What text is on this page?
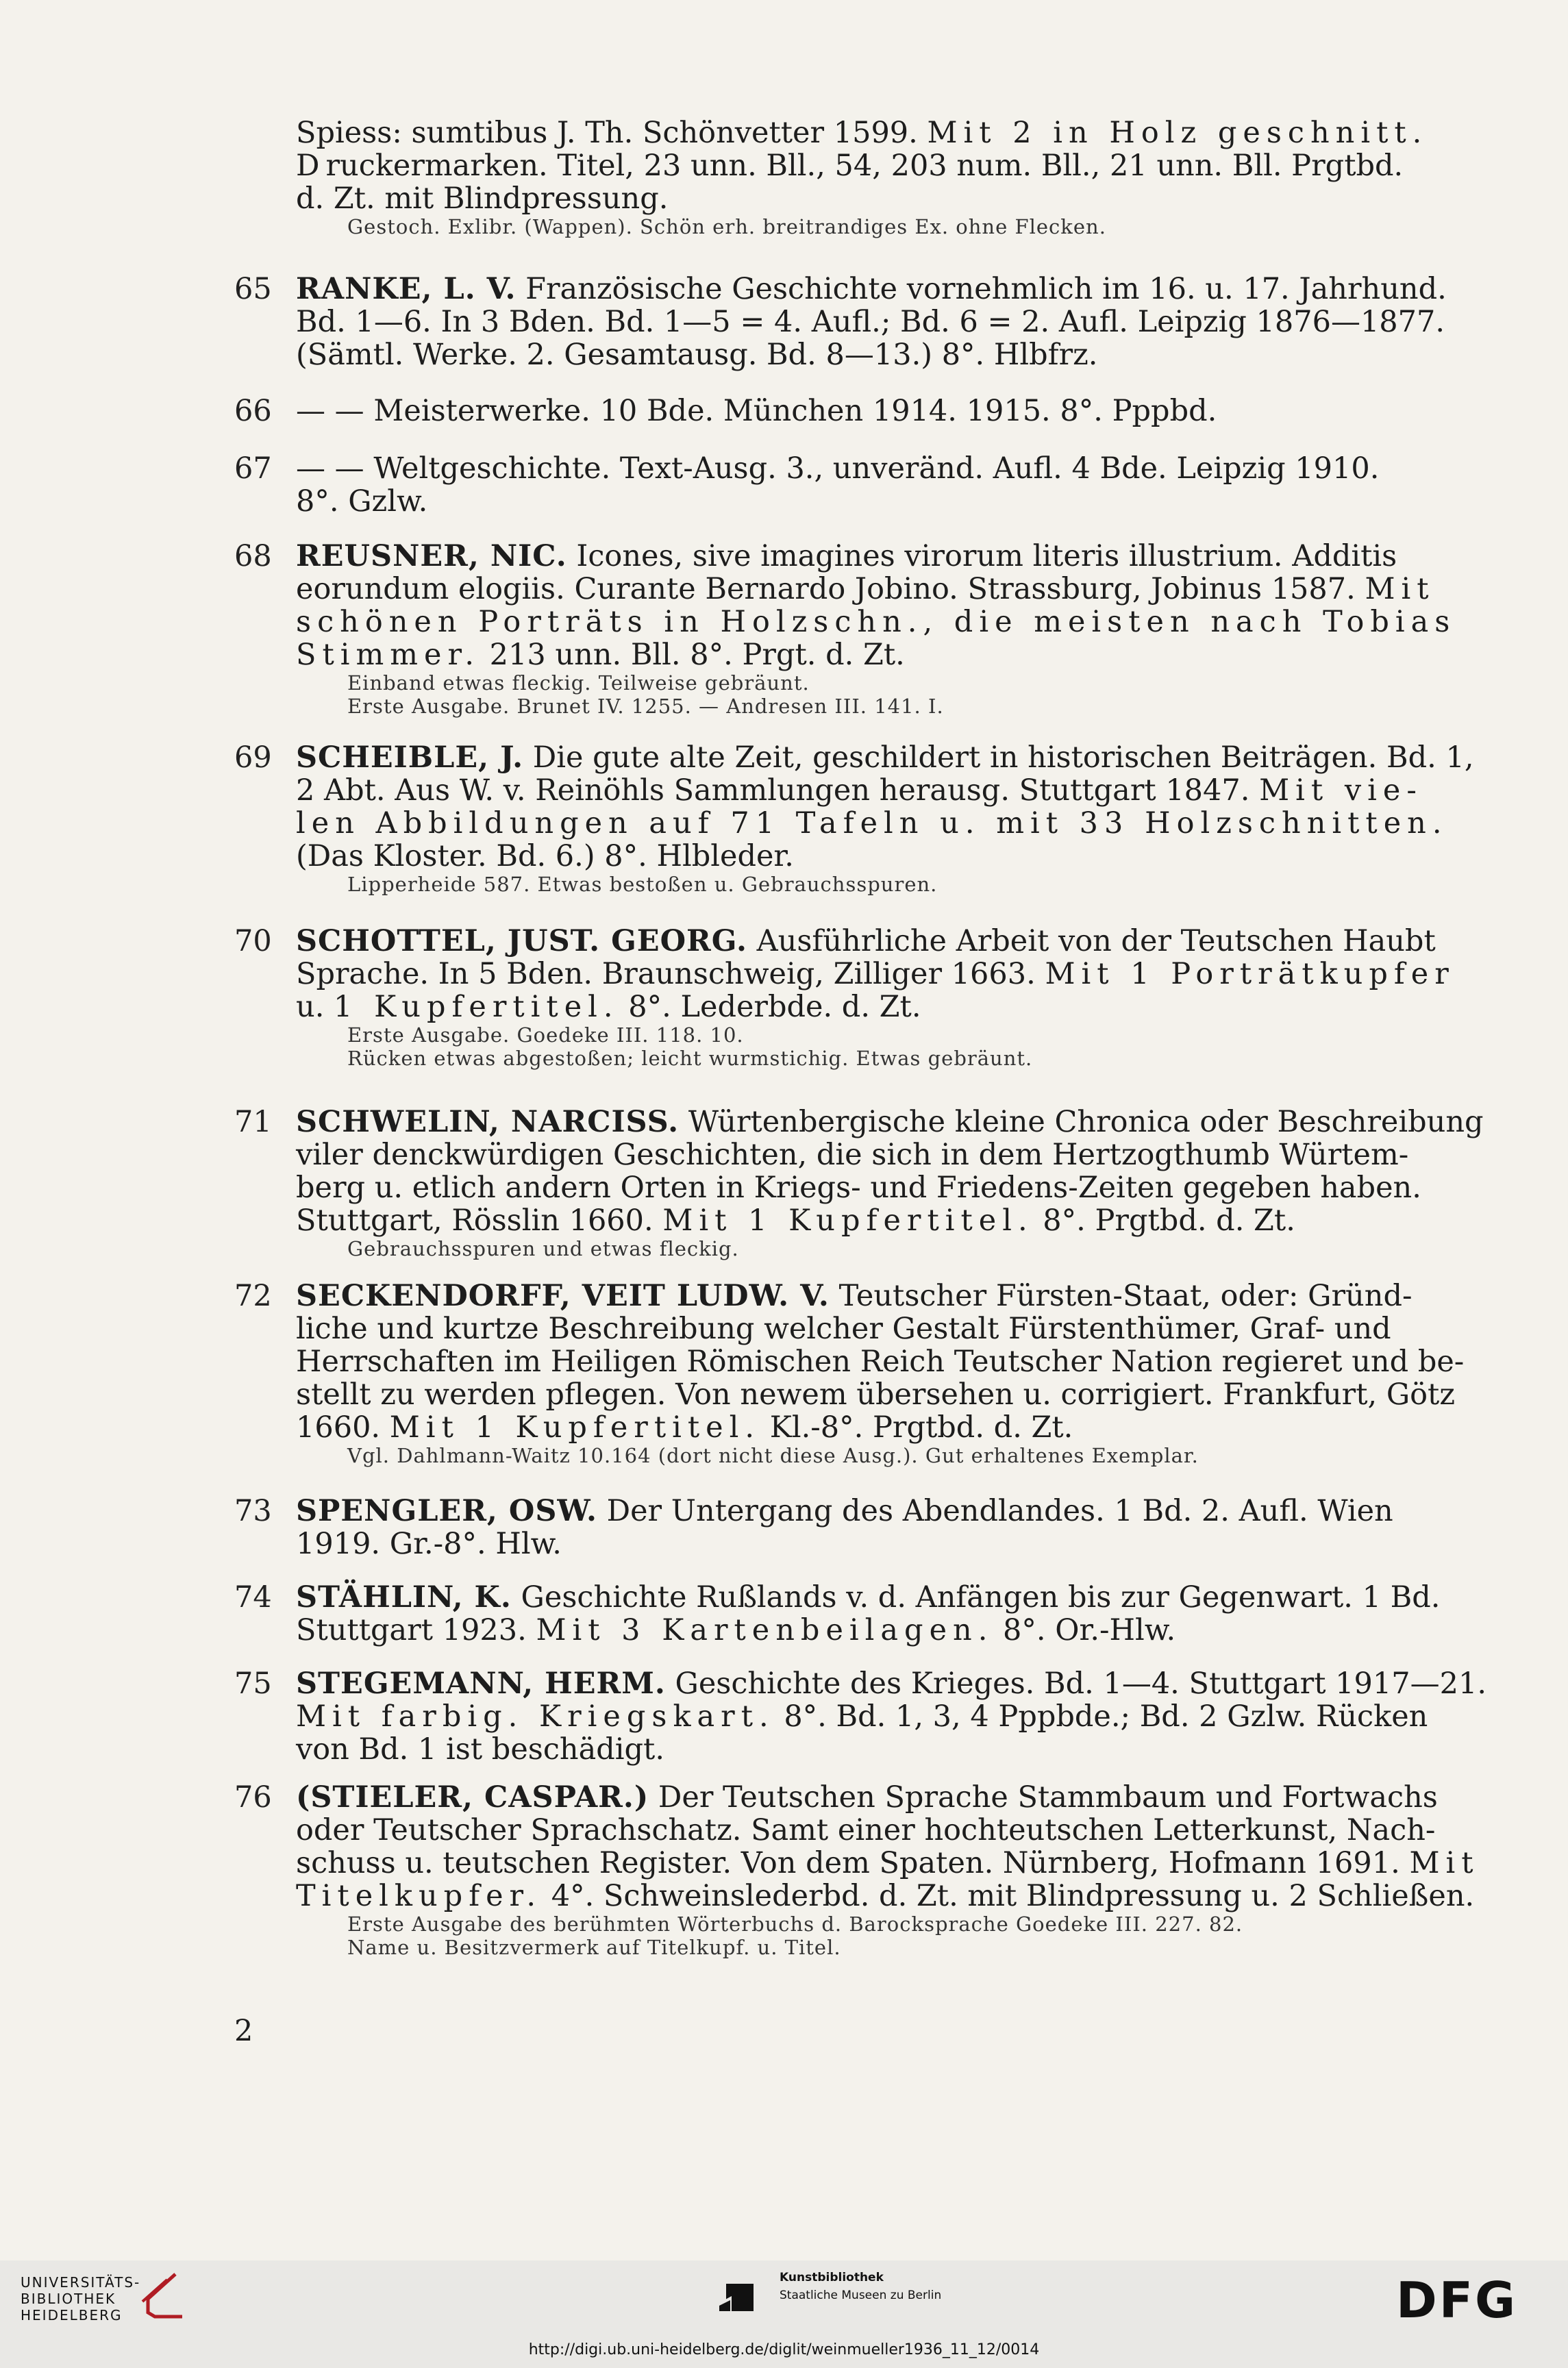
Spiess: sumtibus J. Th. Schönvetter 1599. Mit 2 in Holz geschnitt.
Druckermarken. Titel, 23 unn. Bll., 54, 203 num. Bll., 21 unn. Bll. Prgtbd.
d. Zt. mit Blindpressung.
Gestoch. Exlibr. (Wappen). Schön erh. breitrandiges Ex. ohne Flecken.
65 RANKE, L. V. Französische Geschichte vornehmlich im 16. u. 17. Jahrhund.
Bd. 1—6. In 3 Bden. Bd. 1—5 = 4. Aufl.; Bd. 6 = 2. Aufl. Leipzig 1876—1877.
(Sämtl. Werke. 2. Gesamtausg. Bd. 8—13.) 8°. Hlbfrz.
66 — — Meisterwerke. 10 Bde. München 1914. 1915. 8°. Pppbd.
67 — — Weltgeschichte. Text-Ausg. 3., unveränd. Aufl. 4 Bde. Leipzig 1910.
8°. Gzlw.
68 REUSNER, NIC. Icones, sive imagines virorum literis illustrium. Additis
eorundum elogiis. Curante Bernardo Jobino. Strassburg, Jobinus 1587. Mit
schönen Porträts in Holzschn., die meisten nach Tobias
Stimmer. 213 unn. Bll. 8°. Prgt. d. Zt.
Einband etwas fleckig. Teilweise gebräunt.
Erste Ausgabe. Brunet IV. 1255. — Andresen III. 141. I.
69 SCHEIBLE, J. Die gute alte Zeit, geschildert in historischen Beiträgen. Bd. 1,
2 Abt. Aus W. v. Reinöhls Sammlungen herausg. Stuttgart 1847. Mit vie-
len Abbildungen auf 71 Tafeln u. mit 33 Holzschnitten.
(Das Kloster. Bd. 6.) 8°. Hlbleder.
Lipperheide 587. Etwas bestoßen u. Gebrauchsspuren.
70 SCHOTTEL, JUST. GEORG. Ausführliche Arbeit von der Teutschen Haubt
Sprache. In 5 Bden. Braunschweig, Zilliger 1663. Mit 1 Porträtkupfer
u. 1 Kupfertitel. 8°. Lederbde. d. Zt.
Erste Ausgabe. Goedeke III. 118. 10.
Rücken etwas abgestoßen; leicht wurmstichig. Etwas gebräunt.
71 SCHWELIN, NARCISS. Würtenbergische kleine Chronica oder Beschreibung
viler denckwürdigen Geschichten, die sich in dem Hertzogthumb Würtem-
berg u. etlich andern Orten in Kriegs- und Friedens-Zeiten gegeben haben.
Stuttgart, Rösslin 1660. Mit 1 Kupfertitel. 8°. Prgtbd. d. Zt.
Gebrauchsspuren und etwas fleckig.
72 SECKENDORFF, VEIT LUDW. V. Teutscher Fürsten-Staat, oder: Gründ-
liche und kurtze Beschreibung welcher Gestalt Fürstenthümer, Graf- und
Herrschaften im Heiligen Römischen Reich Teutscher Nation regieret und be-
stellt zu werden pflegen. Von newem übersehen u. corrigiert. Frankfurt, Götz
1660. Mit 1 Kupfertitel. Kl.-8°. Prgtbd. d. Zt.
Vgl. Dahlmann-Waitz 10.164 (dort nicht diese Ausg.). Gut erhaltenes Exemplar.
73 SPENGLER, OSW. Der Untergang des Abendlandes. 1 Bd. 2. Aufl. Wien
1919. Gr.-8°. Hlw.
74 STÄHLIN, K. Geschichte Rußlands v. d. Anfängen bis zur Gegenwart. 1 Bd.
Stuttgart 1923. Mit 3 Kartenbeilagen. 8°. Or.-Hlw.
75 STEGEMANN, HERM. Geschichte des Krieges. Bd. 1—4. Stuttgart 1917—21.
Mit farbig. Kriegskart. 8°. Bd. 1, 3, 4 Pppbde.; Bd. 2 Gzlw. Rücken
von Bd. 1 ist beschädigt.
76 (STIELER, CASPAR.) Der Teutschen Sprache Stammbaum und Fortwachs
oder Teutscher Sprachschatz. Samt einer hochteutschen Letterkunst, Nach-
schuss u. teutschen Register. Von dem Spaten. Nürnberg, Hofmann 1691. Mit
Titelkupfer. 4°. Schweinslederbd. d. Zt. mit Blindpressung u. 2 Schließen.
Erste Ausgabe des berühmten Wörterbuchs d. Barocksprache Goedeke III. 227. 82.
Name u. Besitzvermerk auf Titelkupf. u. Titel.
2
UNIVERSITÄTS-
BIBLIOTHEK
HEIDELBERG
Kunstbibliothek
Staatliche Museen zu Berlin	DFG
http://digi.ub.uni-heidelberg.de/diglit/weinmueller1936_11_12/0014
